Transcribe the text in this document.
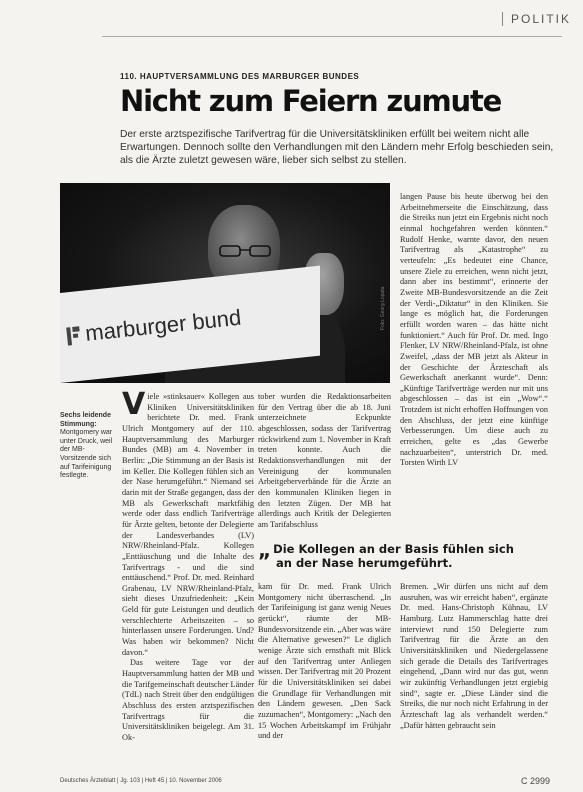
POLITIK
110. HAUPTVERSAMMLUNG DES MARBURGER BUNDES
Nicht zum Feiern zumute
Der erste arztspezifische Tarifvertrag für die Universitätskliniken erfüllt bei weitem nicht alle Erwartungen. Dennoch sollte den Verhandlungen mit den Ländern mehr Erfolg beschieden sein, als die Ärzte zuletzt gewesen wäre, lieber sich selbst zu stellen.
marburger bund	Foto: Georg Lopata
Sechs leidende Stimmung:
Montgomery war unter Druck, weil der MB-Vorsitzende sich auf Tarifeinigung festlegte.

Viele »stinksauer« Kollegen aus Kliniken Universitätskliniken berichtete Dr. med. Frank Ulrich Montgomery auf der 110. Hauptversammlung des Marburger Bundes (MB) am 4. November in Berlin: „Die Stimmung an der Basis ist im Keller. Die Kollegen fühlen sich an der Nase herumgeführt.“ Niemand sei darin mit der Straße gegangen, dass der MB als Gewerkschaft marktfähig werde oder dass endlich Tarifverträge für Ärzte gelten, betonte der Delegierte der Landesverbandes (LV) NRW/Rheinland-Pfalz. Kollegen „Enttäuschung und die Inhalte des Tarifvertrags - und die sind enttäuschend.“ Prof. Dr. med. Reinhard Grabenau, LV NRW/Rheinland-Pfalz, sieht dieses Unzufriedenheit: „Kein Geld für gute Leistungen und deutlich verschlechterte Arbeitszeiten – so hinterlassen unsere Forderungen. Und? Was haben wir bekommen? Nicht davon.“

Das weitere Tage vor der Hauptversammlung hatten der MB und die Tarifgemeinschaft deutscher Länder (TdL) nach Streit über den endgültigen Abschluss des ersten arztspezifischen Tarifvertrags für die Universitätskliniken beigelegt. Am 31. Ok-

tober wurden die Redaktionsarbeiten für den Vertrag über die ab 18. Juni unterzeichnete Eckpunkte abgeschlossen, sodass der Tarifvertrag rückwirkend zum 1. November in Kraft treten konnte. Auch die Redaktionsverhandlungen mit der Vereinigung der kommunalen Arbeitgeberverbände für die Ärzte an den kommunalen Kliniken liegen in den letzten Zügen. Der MB hat allerdings auch Kritik der Delegierten am Tarifabschluss

langen Pause bis heute überwog bei den Arbeitnehmerseite die Einschätzung, dass die Streiks nun jetzt ein Ergebnis nicht noch einmal hochgefahren werden könnten.“ Rudolf Henke, warnte davor, den neuen Tarifvertrag als „Katastrophe“ zu verteufeln: „Es bedeutet eine Chance, unsere Ziele zu erreichen, wenn nicht jetzt, dann aber ins bestimmt“, erinnerte der Zweite MB-Bundesvorsitzende an die Zeit der Verdi-„Diktatur“ in den Kliniken. Sie lange es möglich hat, die Forderungen erfüllt worden waren – das hätte nicht funktioniert.“ Auch für Prof. Dr. med. Ingo Flenker, LV NRW/Rheinland-Pfalz, ist ohne Zweifel, „dass der MB jetzt als Akteur in der Geschichte der Ärzteschaft als Gewerkschaft anerkannt wurde“. Denn: „Künftige Tarifverträge werden nur mit uns abgeschlossen – das ist ein „Wow“.“ Trotzdem ist nicht erhoffen Hoffnungen von den Abschluss, der jetzt eine künftige Verbesserungen. Um diese auch zu erreichen, gelte es „das Gewerbe nachzuarbeiten“, unterstrich Dr. med. Torsten Wirth LV

„ Die Kollegen an der Basis fühlen sich
an der Nase herumgeführt.

kam für Dr. med. Frank Ulrich Montgomery nicht überraschend. „In der Tarifeinigung ist ganz wenig Neues gerückt“, räumte der MB-Bundesvorsitzende ein. „Aber was wäre die Alternative gewesen?“ Le diglich wenige Ärzte sich ernsthaft mit Blick auf den Tarifvertrag unter Anliegen wissen. Der Tarifvertrag mit 20 Prozent für die Universitätskliniken sei dabei die Grundlage für Verhandlungen mit den Ländern gewesen. „Den Sack zuzumachen“, Montgomery: „Nach den 15 Wochen Arbeitskampf im Frühjahr und der

Bremen. „Wir dürfen uns nicht auf dem ausruhen, was wir erreicht haben“, ergänzte Dr. med. Hans-Christoph Kühnau, LV Hamburg. Lutz Hammerschlag hatte drei interviewt rund 150 Delegierte zum Tarifvertrag für die Ärzte an den Universitätskliniken und Niedergelassene sich gerade die Details des Tarifvertrages eingehend, „Dann wird nur das gut, wenn wir zukünftig Verhandlungen jetzt ergiebig sind“, sagte er. „Diese Länder sind die Streiks, die nur noch nicht Erfahrung in der Ärzteschaft lag als verhandelt werden.“ „Dafür hätten gebraucht sein

Deutsches Ärzteblatt | Jg. 103 | Heft 45 | 10. November 2006	C 2999
